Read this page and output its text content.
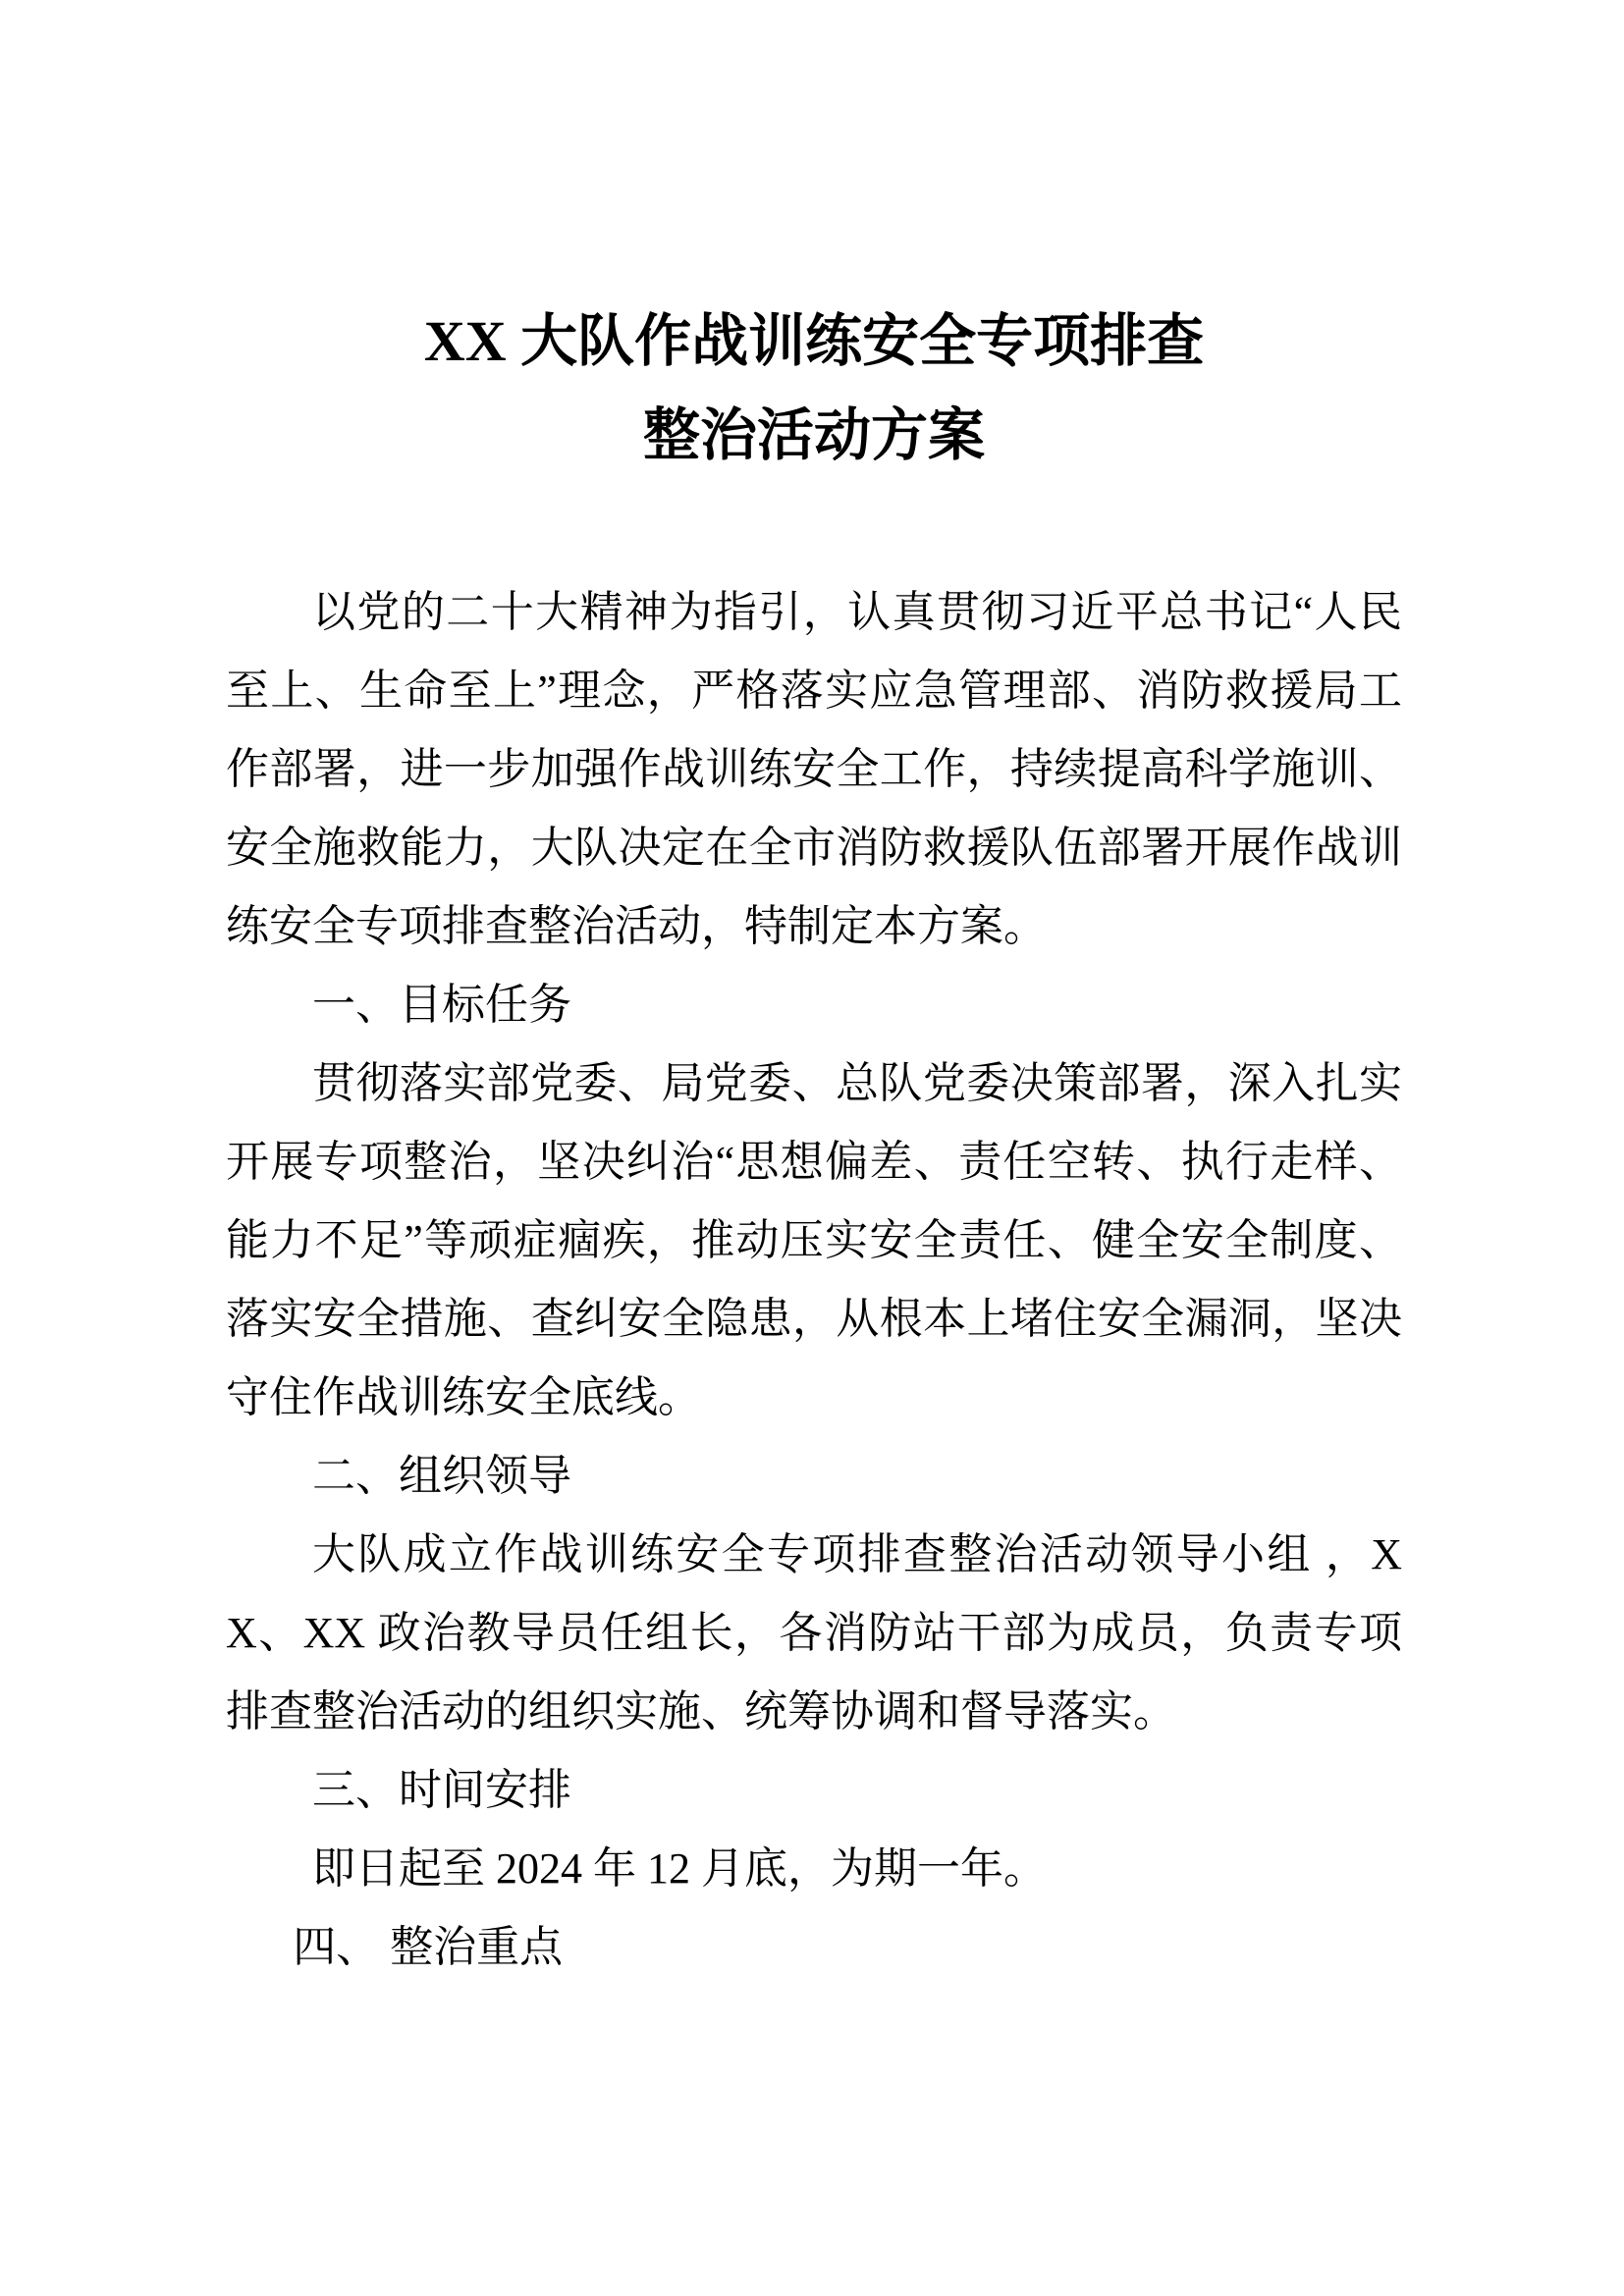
XX 大队作战训练安全专项排查
整治活动方案

以党的二十大精神为指引，认真贯彻习近平总书记“人民至上、生命至上”理念，严格落实应急管理部、消防救援局工作部署，进一步加强作战训练安全工作，持续提高科学施训、安全施救能力，大队决定在全市消防救援队伍部署开展作战训练安全专项排查整治活动，特制定本方案。

一、目标任务

贯彻落实部党委、局党委、总队党委决策部署，深入扎实开展专项整治，坚决纠治“思想偏差、责任空转、执行走样、能力不足”等顽症痼疾，推动压实安全责任、健全安全制度、落实安全措施、查纠安全隐患，从根本上堵住安全漏洞，坚决守住作战训练安全底线。

二、组织领导

大队成立作战训练安全专项排查整治活动领导小组 ，XX、XX 政治教导员任组长，各消防站干部为成员，负责专项排查整治活动的组织实施、统筹协调和督导落实。

三、时间安排

即日起至 2024 年 12 月底，为期一年。

四、 整治重点
